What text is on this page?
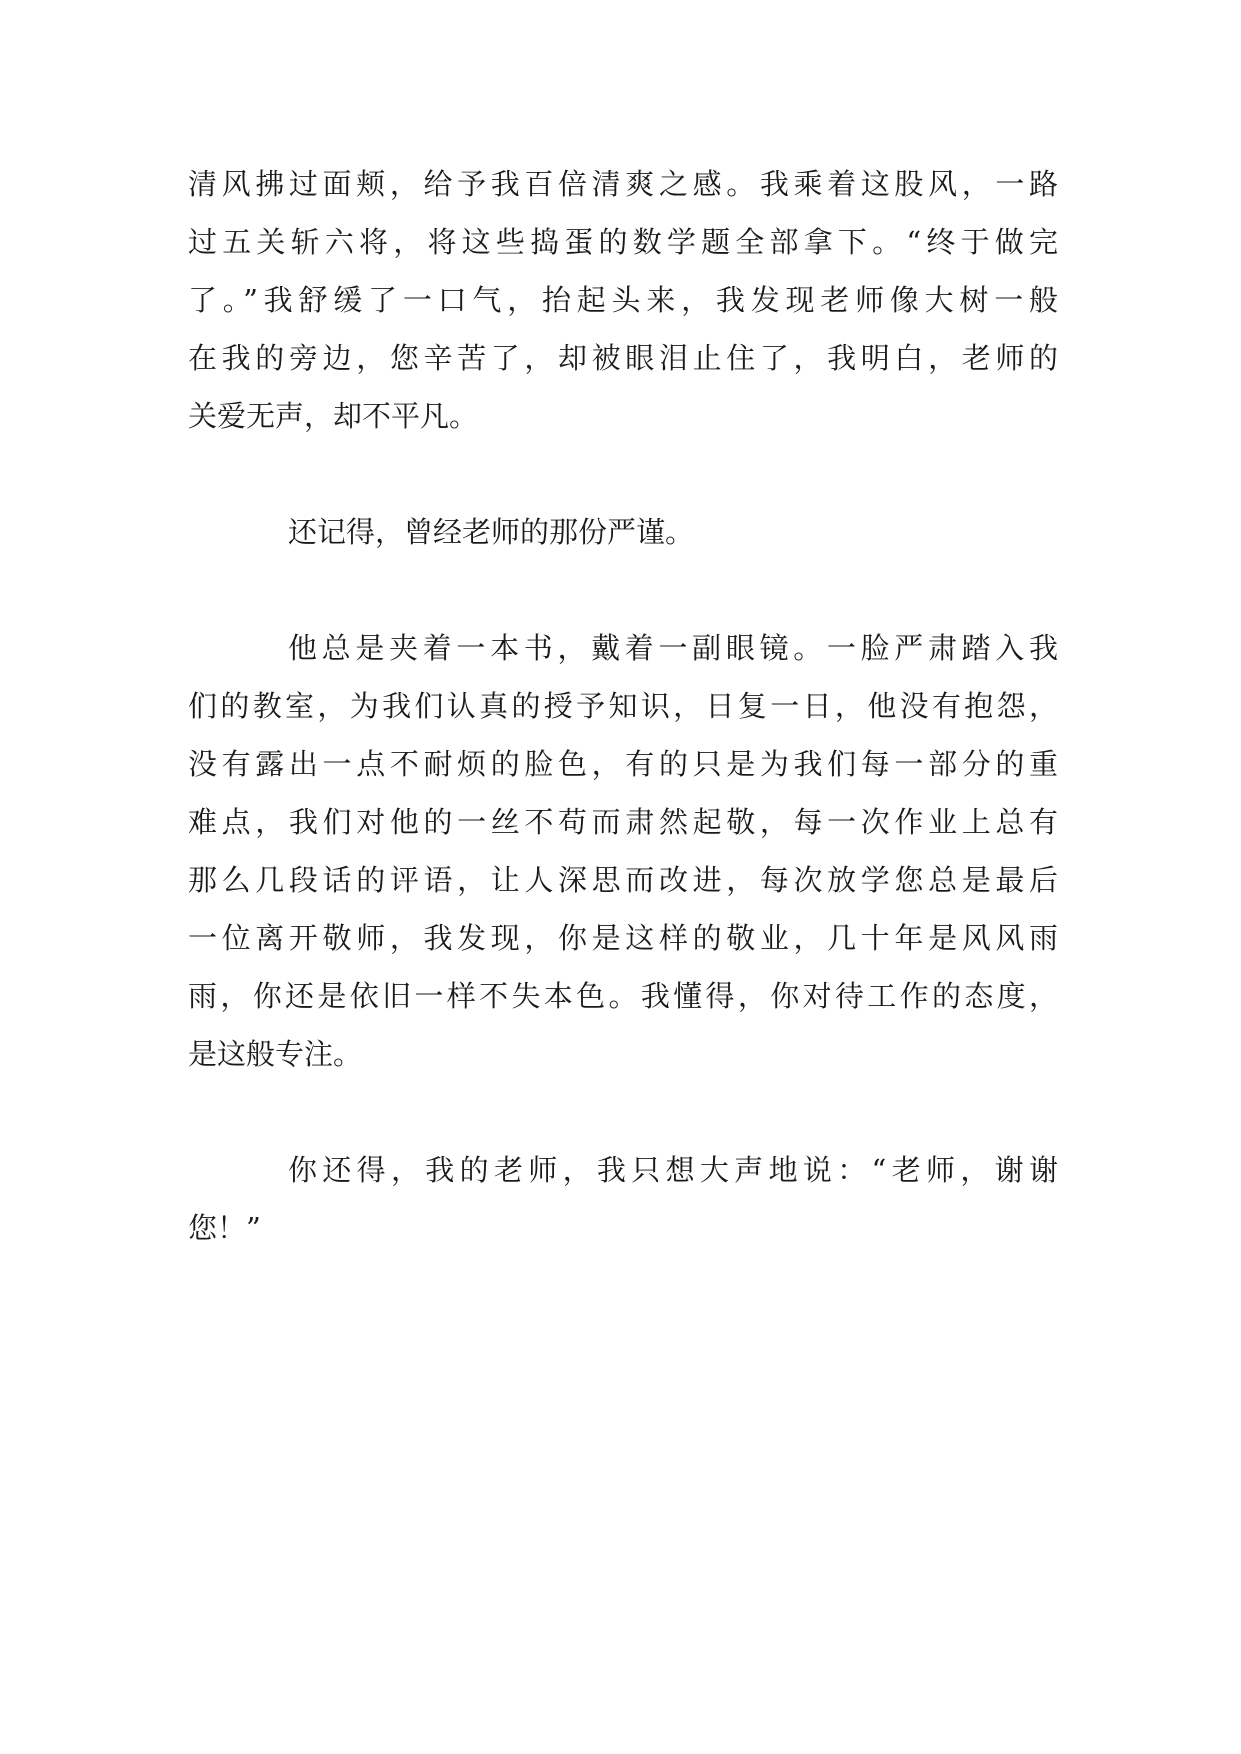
清风拂过面颊，给予我百倍清爽之感。我乘着这股风，一路
过五关斩六将，将这些捣蛋的数学题全部拿下。“终于做完
了。”我舒缓了一口气，抬起头来，我发现老师像大树一般
在我的旁边，您辛苦了，却被眼泪止住了，我明白，老师的
关爱无声，却不平凡。
还记得，曾经老师的那份严谨。
他总是夹着一本书，戴着一副眼镜。一脸严肃踏入我
们的教室，为我们认真的授予知识，日复一日，他没有抱怨，
没有露出一点不耐烦的脸色，有的只是为我们每一部分的重
难点，我们对他的一丝不苟而肃然起敬，每一次作业上总有
那么几段话的评语，让人深思而改进，每次放学您总是最后
一位离开敬师，我发现，你是这样的敬业，几十年是风风雨
雨，你还是依旧一样不失本色。我懂得，你对待工作的态度，
是这般专注。
你还得，我的老师，我只想大声地说：“老师，谢谢
您！”
